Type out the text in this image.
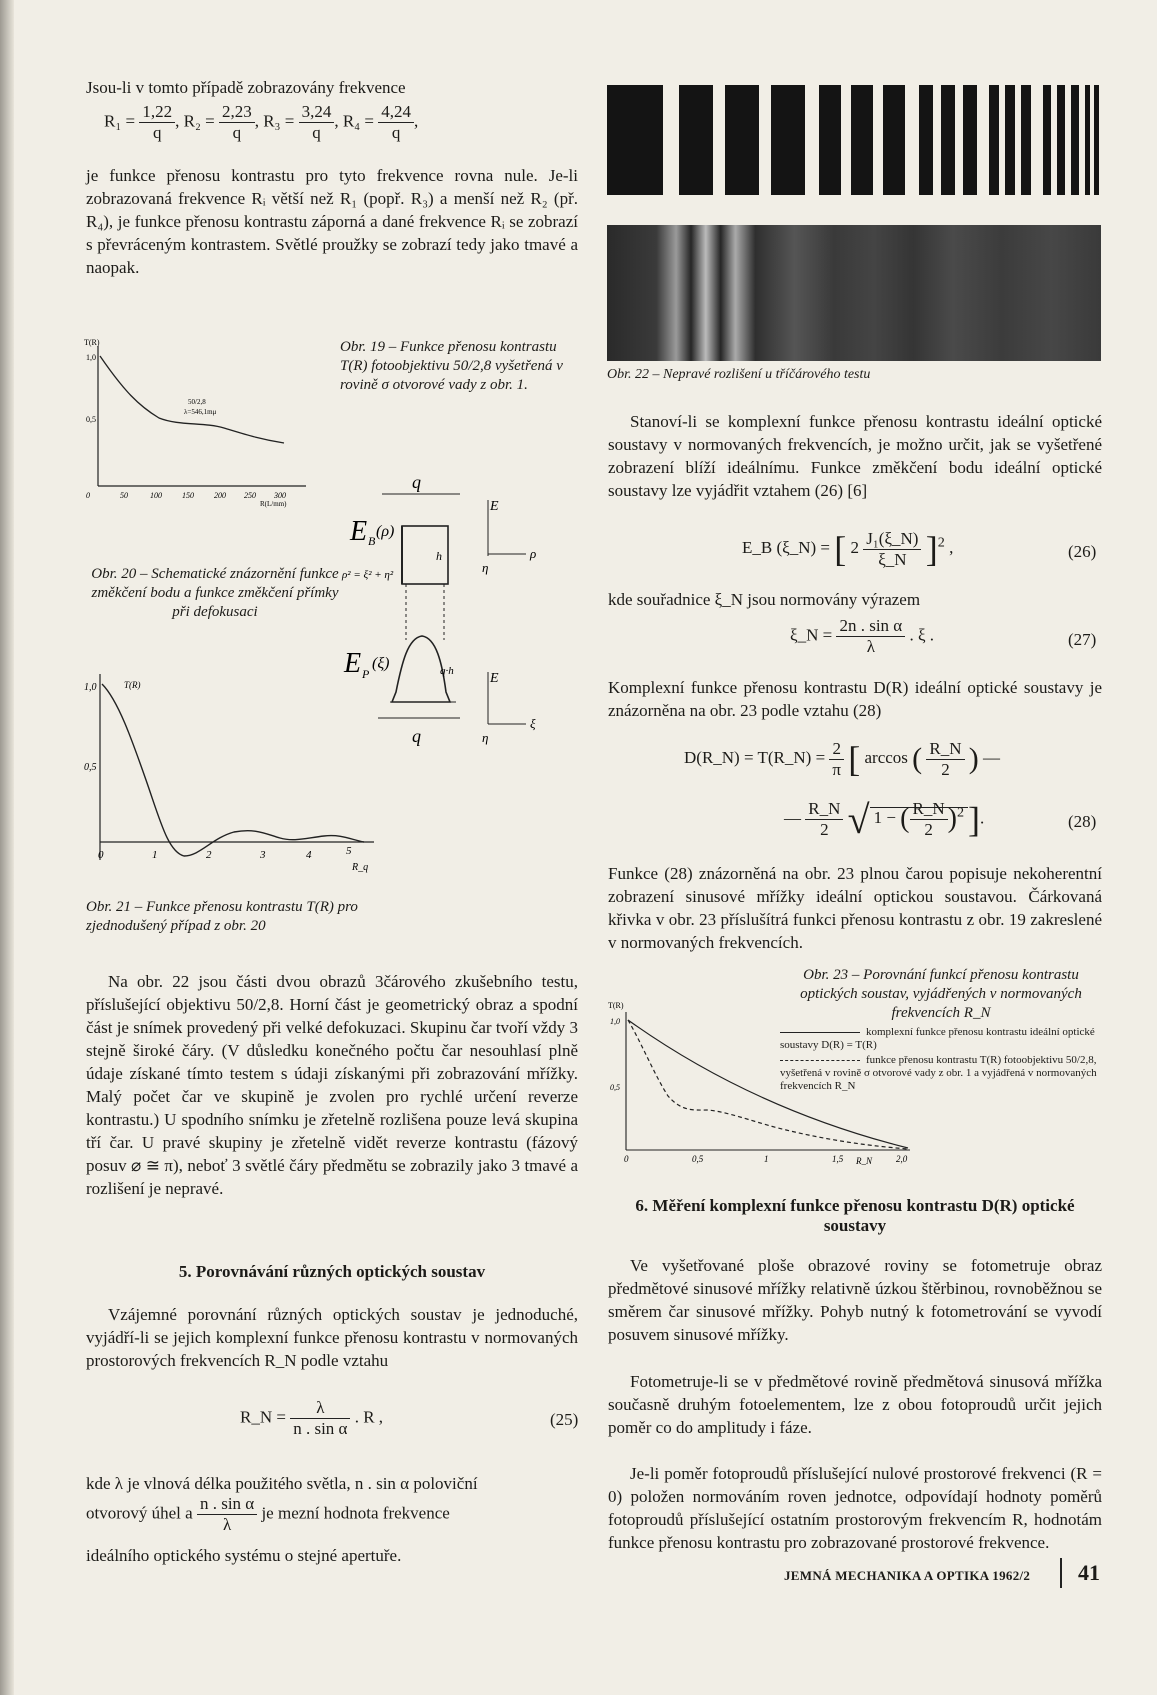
Jsou-li v tomto případě zobrazovány frekvence

$R_1 = \frac{1,22}{q}$ , $R_2 = \frac{2,23}{q}$ , $R_3 = \frac{3,24}{q}$ , $R_4 = \frac{4,24}{q}$ ,

je funkce přenosu kontrastu pro tyto frekvence rovna nule. Je-li zobrazovaná frekvence Rᵢ větší než R₁ (popř. R₃) a menší než R₂ (př. R₄), je funkce přenosu kontrastu záporná a dané frekvence Rᵢ se zobrazí s převráceným kontrastem. Světlé proužky se zobrazí tedy jako tmavé a naopak.

T(R)
1,0
0,5
50/2,8
λ=546,1mμ
0	50	100	150	200 250 300
R(L/mm)
Obr. 19 – Funkce přenosu kontrastu T(R) fotoobjektivu 50/2,8 vyšetřená v rovině σ otvorové vady z obr. 1.
Obr. 20 – Schematické znázornění funkce změkčení bodu a funkce změkčení přímky při defokusaci
q
h
E B
(ρ)
E
ρ
η
ρ² = ξ² + η²
q·h
E P
(ξ)
q
E
ξ
η
T(R)
1,0
0,5
0	1	2	3	4	5
R_q
Obr. 21 – Funkce přenosu kontrastu T(R) pro zjednodušený případ z obr. 20

Na obr. 22 jsou části dvou obrazů 3čárového zkušebního testu, příslušející objektivu 50/2,8. Horní část je geometrický obraz a spodní část je snímek provedený při velké defokuzaci. Skupinu čar tvoří vždy 3 stejně široké čáry. (V důsledku konečného počtu čar nesouhlasí plně údaje získané tímto testem s údaji získanými při zobrazování mřížky. Malý počet čar ve skupině je zvolen pro rychlé určení reverze kontrastu.) U spodního snímku je zřetelně rozlišena pouze levá skupina tří čar. U pravé skupiny je zřetelně vidět reverze kontrastu (fázový posuv ⌀ ≅ π), neboť 3 světlé čáry předmětu se zobrazily jako 3 tmavé a rozlišení je nepravé.

5. Porovnávání různých optických soustav

Vzájemné porovnání různých optických soustav je jednoduché, vyjádří-li se jejich komplexní funkce přenosu kontrastu v normovaných prostorových frekvencích R_N podle vztahu

R_N = $\frac{\lambda}{\text{n . sin α}}$ . R ,	(25)

kde λ je vlnová délka použitého světla, n . sin α poloviční

otvorový úhel a $\frac{\text{n . sin α}}{\lambda}$ je mezní hodnota frekvence

ideálního optického systému o stejné apertuře.

Obr. 22 – Nepravé rozlišení u tříčárového testu

Stanoví-li se komplexní funkce přenosu kontrastu ideální optické soustavy v normovaných frekvencích, je možno určit, jak se vyšetřené zobrazení blíží ideálnímu. Funkce změkčení bodu ideální optické soustavy lze vyjádřit vztahem (26) [6]

E_B (ξ_N) = [ $2 \frac{\text{J₁(ξ\_N)}}{\xi\_N} ]^2$ ,	(26)

kde souřadnice ξ_N jsou normovány výrazem

ξ_N = $\frac{\text{2n . sin α}}{\lambda}$ . ξ .	(27)

Komplexní funkce přenosu kontrastu D(R) ideální optické soustavy je znázorněna na obr. 23 podle vztahu (28)

D(R_N) = T(R_N) = $\frac{2}{\pi}$ [ arccos ( $\frac{R\_N}{2}$ ) —
— $\frac{R\_N}{2}$ √ 1 − ( $\frac{R\_N}{2} )^2$ ].	(28)

Funkce (28) znázorněná na obr. 23 plnou čarou popisuje nekoherentní zobrazení sinusové mřížky ideální optickou soustavou. Čárkovaná křivka v obr. 23 příslušítrá funkci přenosu kontrastu z obr. 19 zakreslené v normovaných frekvencích.

Obr. 23 – Porovnání funkcí přenosu kontrastu optických soustav, vyjádřených v normovaných frekvencích R_N
komplexní funkce přenosu kontrastu ideální optické soustavy D(R) = T(R)
funkce přenosu kontrastu T(R) fotoobjektivu 50/2,8, vyšetřená v rovině σ otvorové vady z obr. 1 a vyjádřená v normovaných frekvencích R_N
T(R)
1,0
0,5
0	0,5	1	1,5	2,0
R_N
6. Měření komplexní funkce přenosu kontrastu D(R) optické soustavy

Ve vyšetřované ploše obrazové roviny se fotometruje obraz předmětové sinusové mřížky relativně úzkou štěrbinou, rovnoběžnou se směrem čar sinusové mřížky. Pohyb nutný k fotometrování se vyvodí posuvem sinusové mřížky.

Fotometruje-li se v předmětové rovině předmětová sinusová mřížka současně druhým fotoelementem, lze z obou fotoproudů určit jejich poměr co do amplitudy i fáze.

Je-li poměr fotoproudů příslušející nulové prostorové frekvenci (R = 0) položen normováním roven jednotce, odpovídají hodnoty poměrů fotoproudů příslušející ostatním prostorovým frekvencím R, hodnotám funkce přenosu kontrastu pro zobrazované prostorové frekvence.

JEMNÁ MECHANIKA A OPTIKA 1962/2 41
